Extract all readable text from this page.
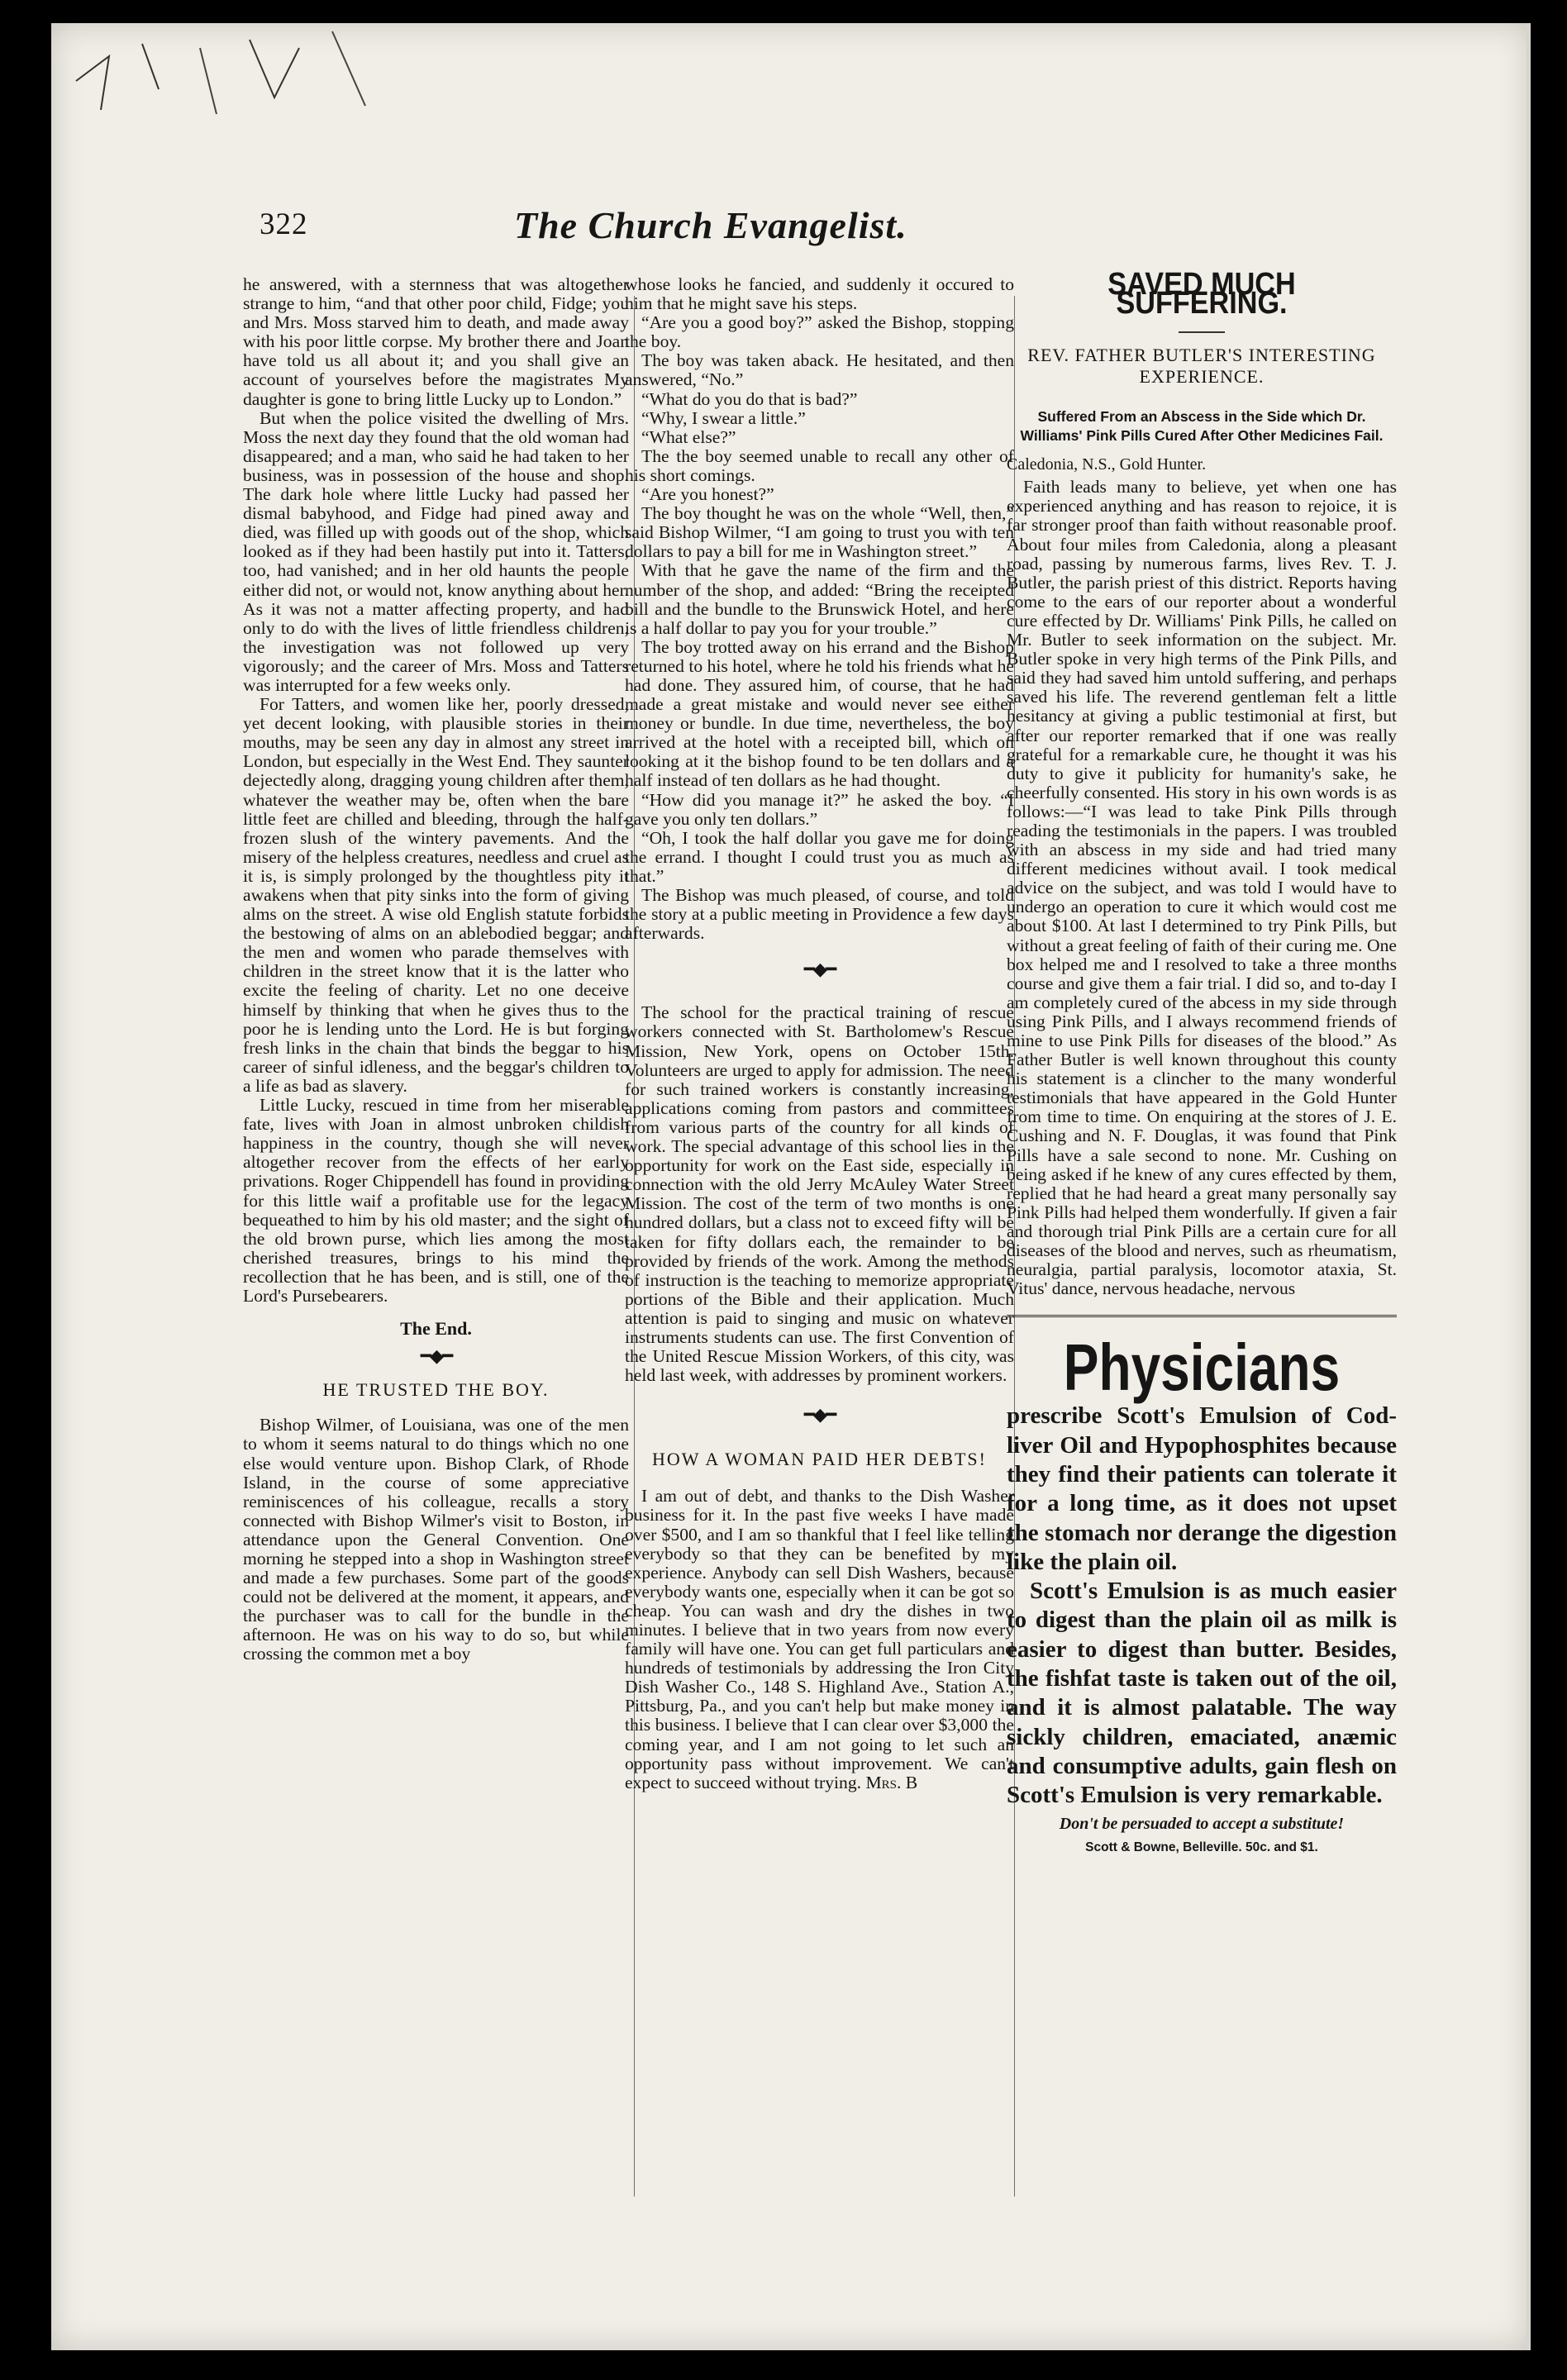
322	The Church Evangelist.

he answered, with a sternness that was altogether strange to him, “and that other poor child, Fidge; you and Mrs. Moss starved him to death, and made away with his poor little corpse. My brother there and Joan have told us all about it; and you shall give an account of yourselves before the magistrates My daughter is gone to bring little Lucky up to London.”

But when the police visited the dwelling of Mrs. Moss the next day they found that the old woman had disappeared; and a man, who said he had taken to her business, was in possession of the house and shop. The dark hole where little Lucky had passed her dismal babyhood, and Fidge had pined away and died, was filled up with goods out of the shop, which looked as if they had been hastily put into it. Tatters, too, had vanished; and in her old haunts the people either did not, or would not, know anything about her. As it was not a matter affecting property, and had only to do with the lives of little friendless children, the investigation was not followed up very vigorously; and the career of Mrs. Moss and Tatters was interrupted for a few weeks only.

For Tatters, and women like her, poorly dressed, yet decent looking, with plausible stories in their mouths, may be seen any day in almost any street in London, but especially in the West End. They saunter dejectedly along, dragging young children after them, whatever the weather may be, often when the bare little feet are chilled and bleeding, through the half-frozen slush of the wintery pavements. And the misery of the helpless creatures, needless and cruel as it is, is simply prolonged by the thoughtless pity it awakens when that pity sinks into the form of giving alms on the street. A wise old English statute forbids the bestowing of alms on an ablebodied beggar; and the men and women who parade themselves with children in the street know that it is the latter who excite the feeling of charity. Let no one deceive himself by thinking that when he gives thus to the poor he is lending unto the Lord. He is but forging fresh links in the chain that binds the beggar to his career of sinful idleness, and the beggar's children to a life as bad as slavery.

Little Lucky, rescued in time from her miserable fate, lives with Joan in almost unbroken childish happiness in the country, though she will never altogether recover from the effects of her early privations. Roger Chippendell has found in providing for this little waif a profitable use for the legacy bequeathed to him by his old master; and the sight of the old brown purse, which lies among the most cherished treasures, brings to his mind the recollection that he has been, and is still, one of the Lord's Pursebearers.

The End.
━◆━
HE TRUSTED THE BOY.

Bishop Wilmer, of Louisiana, was one of the men to whom it seems natural to do things which no one else would venture upon. Bishop Clark, of Rhode Island, in the course of some appreciative reminiscences of his colleague, recalls a story connected with Bishop Wilmer's visit to Boston, in attendance upon the General Convention. One morning he stepped into a shop in Washington street and made a few purchases. Some part of the goods could not be delivered at the moment, it appears, and the purchaser was to call for the bundle in the afternoon. He was on his way to do so, but while crossing the common met a boy

whose looks he fancied, and suddenly it occured to him that he might save his steps.

“Are you a good boy?” asked the Bishop, stopping the boy.

The boy was taken aback. He hesitated, and then answered, “No.”

“What do you do that is bad?”

“Why, I swear a little.”

“What else?”

The the boy seemed unable to recall any other of his short comings.

“Are you honest?”

The boy thought he was on the whole “Well, then,” said Bishop Wilmer, “I am going to trust you with ten dollars to pay a bill for me in Washington street.”

With that he gave the name of the firm and the number of the shop, and added: “Bring the receipted bill and the bundle to the Brunswick Hotel, and here is a half dollar to pay you for your trouble.”

The boy trotted away on his errand and the Bishop returned to his hotel, where he told his friends what he had done. They assured him, of course, that he had made a great mistake and would never see either money or bundle. In due time, nevertheless, the boy arrived at the hotel with a receipted bill, which on looking at it the bishop found to be ten dollars and a half instead of ten dollars as he had thought.

“How did you manage it?” he asked the boy. “I gave you only ten dollars.”

“Oh, I took the half dollar you gave me for doing the errand. I thought I could trust you as much as that.”

The Bishop was much pleased, of course, and told the story at a public meeting in Providence a few days afterwards.

━◆━

The school for the practical training of rescue workers connected with St. Bartholomew's Rescue Mission, New York, opens on October 15th. Volunteers are urged to apply for admission. The need for such trained workers is constantly increasing, applications coming from pastors and committees from various parts of the country for all kinds of work. The special advantage of this school lies in the opportunity for work on the East side, especially in connection with the old Jerry McAuley Water Street Mission. The cost of the term of two months is one hundred dollars, but a class not to exceed fifty will be taken for fifty dollars each, the remainder to be provided by friends of the work. Among the methods of instruction is the teaching to memorize appropriate portions of the Bible and their application. Much attention is paid to singing and music on whatever instruments students can use. The first Convention of the United Rescue Mission Workers, of this city, was held last week, with addresses by prominent workers.

━◆━
HOW A WOMAN PAID HER DEBTS!

I am out of debt, and thanks to the Dish Washer business for it. In the past five weeks I have made over $500, and I am so thankful that I feel like telling everybody so that they can be benefited by my experience. Anybody can sell Dish Washers, because everybody wants one, especially when it can be got so cheap. You can wash and dry the dishes in two minutes. I believe that in two years from now every family will have one. You can get full particulars and hundreds of testimonials by addressing the Iron City Dish Washer Co., 148 S. Highland Ave., Station A., Pittsburg, Pa., and you can't help but make money in this business. I believe that I can clear over $3,000 the coming year, and I am not going to let such an opportunity pass without improvement. We can't expect to succeed without trying. Mrs. B

SAVED MUCH SUFFERING.
REV. FATHER BUTLER'S INTERESTING EXPERIENCE.
Suffered From an Abscess in the Side which Dr. Williams' Pink Pills Cured After Other Medicines Fail.
Caledonia, N.S., Gold Hunter.

Faith leads many to believe, yet when one has experienced anything and has reason to rejoice, it is far stronger proof than faith without reasonable proof. About four miles from Caledonia, along a pleasant road, passing by numerous farms, lives Rev. T. J. Butler, the parish priest of this district. Reports having come to the ears of our reporter about a wonderful cure effected by Dr. Williams' Pink Pills, he called on Mr. Butler to seek information on the subject. Mr. Butler spoke in very high terms of the Pink Pills, and said they had saved him untold suffering, and perhaps saved his life. The reverend gentleman felt a little hesitancy at giving a public testimonial at first, but after our reporter remarked that if one was really grateful for a remarkable cure, he thought it was his duty to give it publicity for humanity's sake, he cheerfully consented. His story in his own words is as follows:—“I was lead to take Pink Pills through reading the testimonials in the papers. I was troubled with an abscess in my side and had tried many different medicines without avail. I took medical advice on the subject, and was told I would have to undergo an operation to cure it which would cost me about $100. At last I determined to try Pink Pills, but without a great feeling of faith of their curing me. One box helped me and I resolved to take a three months course and give them a fair trial. I did so, and to-day I am completely cured of the abcess in my side through using Pink Pills, and I always recommend friends of mine to use Pink Pills for diseases of the blood.” As Father Butler is well known throughout this county his statement is a clincher to the many wonderful testimonials that have appeared in the Gold Hunter from time to time. On enquiring at the stores of J. E. Cushing and N. F. Douglas, it was found that Pink Pills have a sale second to none. Mr. Cushing on being asked if he knew of any cures effected by them, replied that he had heard a great many personally say Pink Pills had helped them wonderfully. If given a fair and thorough trial Pink Pills are a certain cure for all diseases of the blood and nerves, such as rheumatism, neuralgia, partial paralysis, locomotor ataxia, St. Vitus' dance, nervous headache, nervous

Physicians

prescribe Scott's Emulsion of Cod-liver Oil and Hypophosphites because they find their patients can tolerate it for a long time, as it does not upset the stomach nor derange the digestion like the plain oil.

Scott's Emulsion is as much easier to digest than the plain oil as milk is easier to digest than butter. Besides, the fishfat taste is taken out of the oil, and it is almost palatable. The way sickly children, emaciated, anæmic and consumptive adults, gain flesh on Scott's Emulsion is very remarkable.

Don't be persuaded to accept a substitute!
Scott & Bowne, Belleville. 50c. and $1.
